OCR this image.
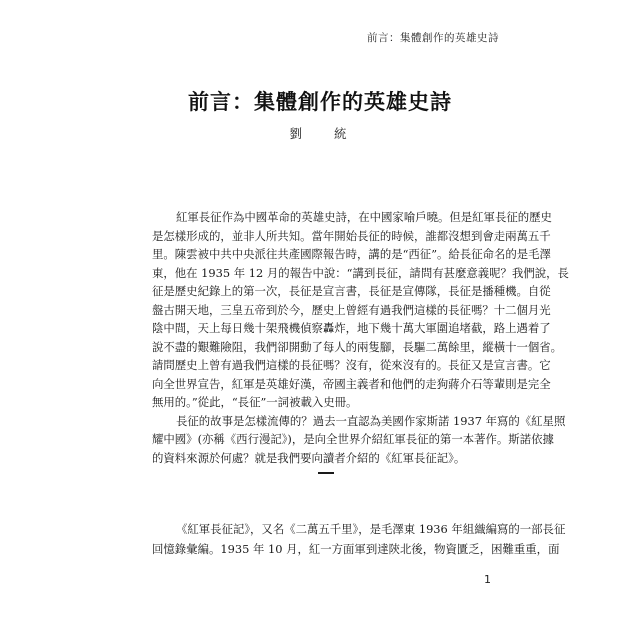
前言：集體創作的英雄史詩
前言：集體創作的英雄史詩
劉 統
紅軍長征作為中國革命的英雄史詩，在中國家喻戶曉。但是紅軍長征的歷史
是怎樣形成的，並非人所共知。當年開始長征的時候，誰都沒想到會走兩萬五千
里。陳雲被中共中央派往共產國際報告時，講的是“西征”。給長征命名的是毛澤
東，他在 1935 年 12 月的報告中說：“講到長征，請問有甚麼意義呢？我們說，長
征是歷史紀錄上的第一次，長征是宣言書，長征是宣傳隊，長征是播種機。自從
盤古開天地，三皇五帝到於今，歷史上曾經有過我們這樣的長征嗎？十二個月光
陰中間，天上每日幾十架飛機偵察轟炸，地下幾十萬大軍圍追堵截，路上遇着了
說不盡的艱難險阻，我們卻開動了每人的兩隻腳，長驅二萬餘里，縱橫十一個省。
請問歷史上曾有過我們這樣的長征嗎？沒有，從來沒有的。長征又是宣言書。它
向全世界宣告，紅軍是英雄好漢，帝國主義者和他們的走狗蔣介石等輩則是完全
無用的。”從此，“長征”一詞被載入史冊。
長征的故事是怎樣流傳的？過去一直認為美國作家斯諾 1937 年寫的《紅星照
耀中國》(亦稱《西行漫記》)，是向全世界介紹紅軍長征的第一本著作。斯諾依據
《紅軍長征記》，又名《二萬五千里》，是毛澤東 1936 年組織編寫的一部長征
回憶錄彙編。1935 年 10 月，紅一方面軍到達陝北後，物資匱乏，困難重重，面
1
的資料來源於何處？就是我們要向讀者介紹的《紅軍長征記》。
